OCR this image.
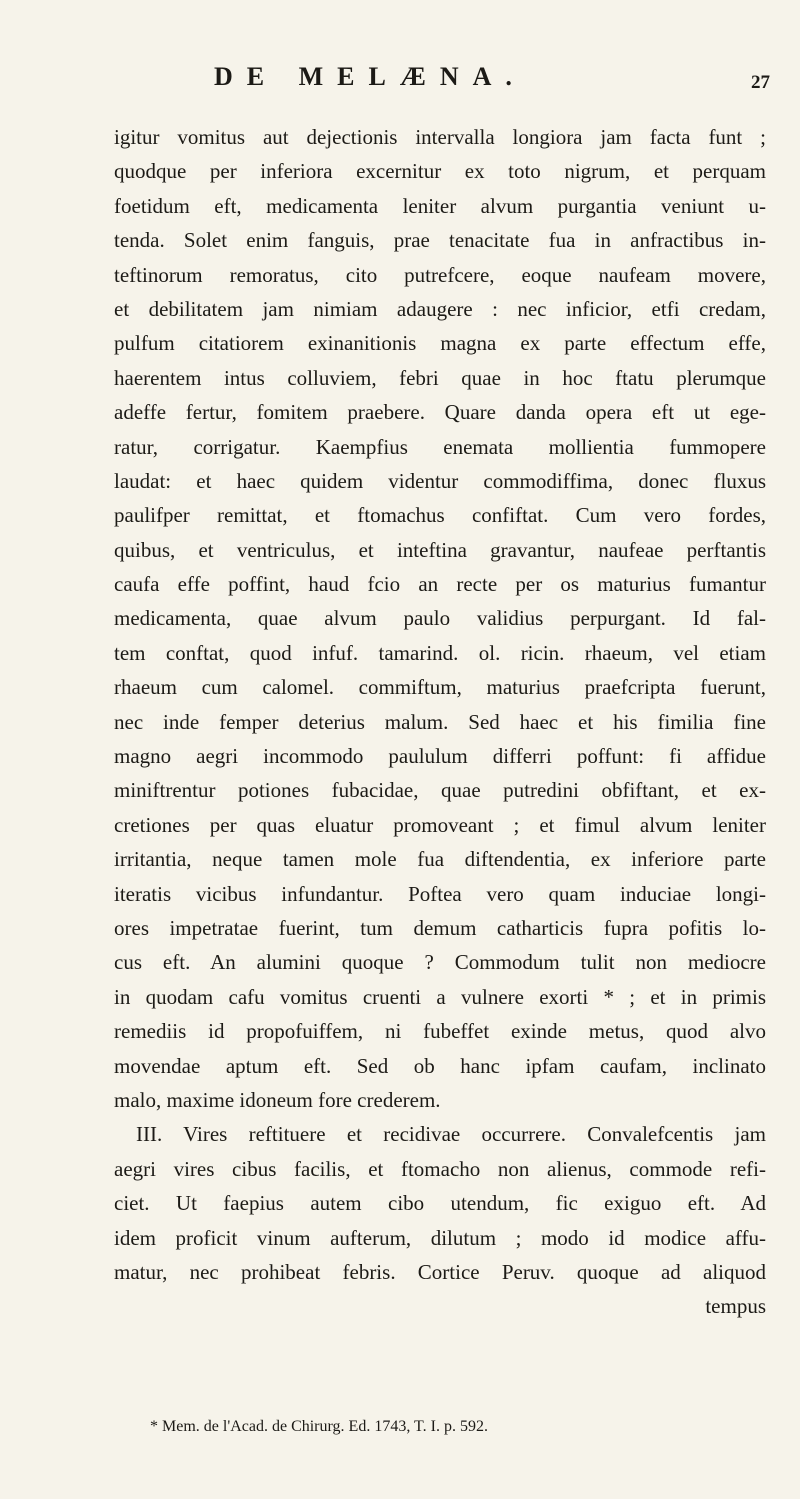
DE MELÆNA.	27
igitur vomitus aut dejectionis intervalla longiora jam facta funt ;
quodque per inferiora excernitur ex toto nigrum, et perquam
foetidum eft, medicamenta leniter alvum purgantia veniunt u-
tenda. Solet enim fanguis, prae tenacitate fua in anfractibus in-
teftinorum remoratus, cito putrefcere, eoque naufeam movere,
et debilitatem jam nimiam adaugere : nec inficior, etfi credam,
pulfum citatiorem exinanitionis magna ex parte effectum effe,
haerentem intus colluviem, febri quae in hoc ftatu plerumque
adeffe fertur, fomitem praebere. Quare danda opera eft ut ege-
ratur, corrigatur. Kaempfius enemata mollientia fummopere
laudat: et haec quidem videntur commodiffima, donec fluxus
paulifper remittat, et ftomachus confiftat. Cum vero fordes,
quibus, et ventriculus, et inteftina gravantur, naufeae perftantis
caufa effe poffint, haud fcio an recte per os maturius fumantur
medicamenta, quae alvum paulo validius perpurgant. Id fal-
tem conftat, quod infuf. tamarind. ol. ricin. rhaeum, vel etiam
rhaeum cum calomel. commiftum, maturius praefcripta fuerunt,
nec inde femper deterius malum. Sed haec et his fimilia fine
magno aegri incommodo paululum differri poffunt: fi affidue
miniftrentur potiones fubacidae, quae putredini obfiftant, et ex-
cretiones per quas eluatur promoveant ; et fimul alvum leniter
irritantia, neque tamen mole fua diftendentia, ex inferiore parte
iteratis vicibus infundantur. Poftea vero quam induciae longi-
ores impetratae fuerint, tum demum catharticis fupra pofitis lo-
cus eft. An alumini quoque ? Commodum tulit non mediocre
in quodam cafu vomitus cruenti a vulnere exorti * ; et in primis
remediis id propofuiffem, ni fubeffet exinde metus, quod alvo
movendae aptum eft. Sed ob hanc ipfam caufam, inclinato
malo, maxime idoneum fore crederem.
III. Vires reftituere et recidivae occurrere. Convalefcentis jam
aegri vires cibus facilis, et ftomacho non alienus, commode refi-
ciet. Ut faepius autem cibo utendum, fic exiguo eft. Ad
idem proficit vinum aufterum, dilutum ; modo id modice affu-
matur, nec prohibeat febris. Cortice Peruv. quoque ad aliquod
tempus
* Mem. de l'Acad. de Chirurg. Ed. 1743, T. I. p. 592.
